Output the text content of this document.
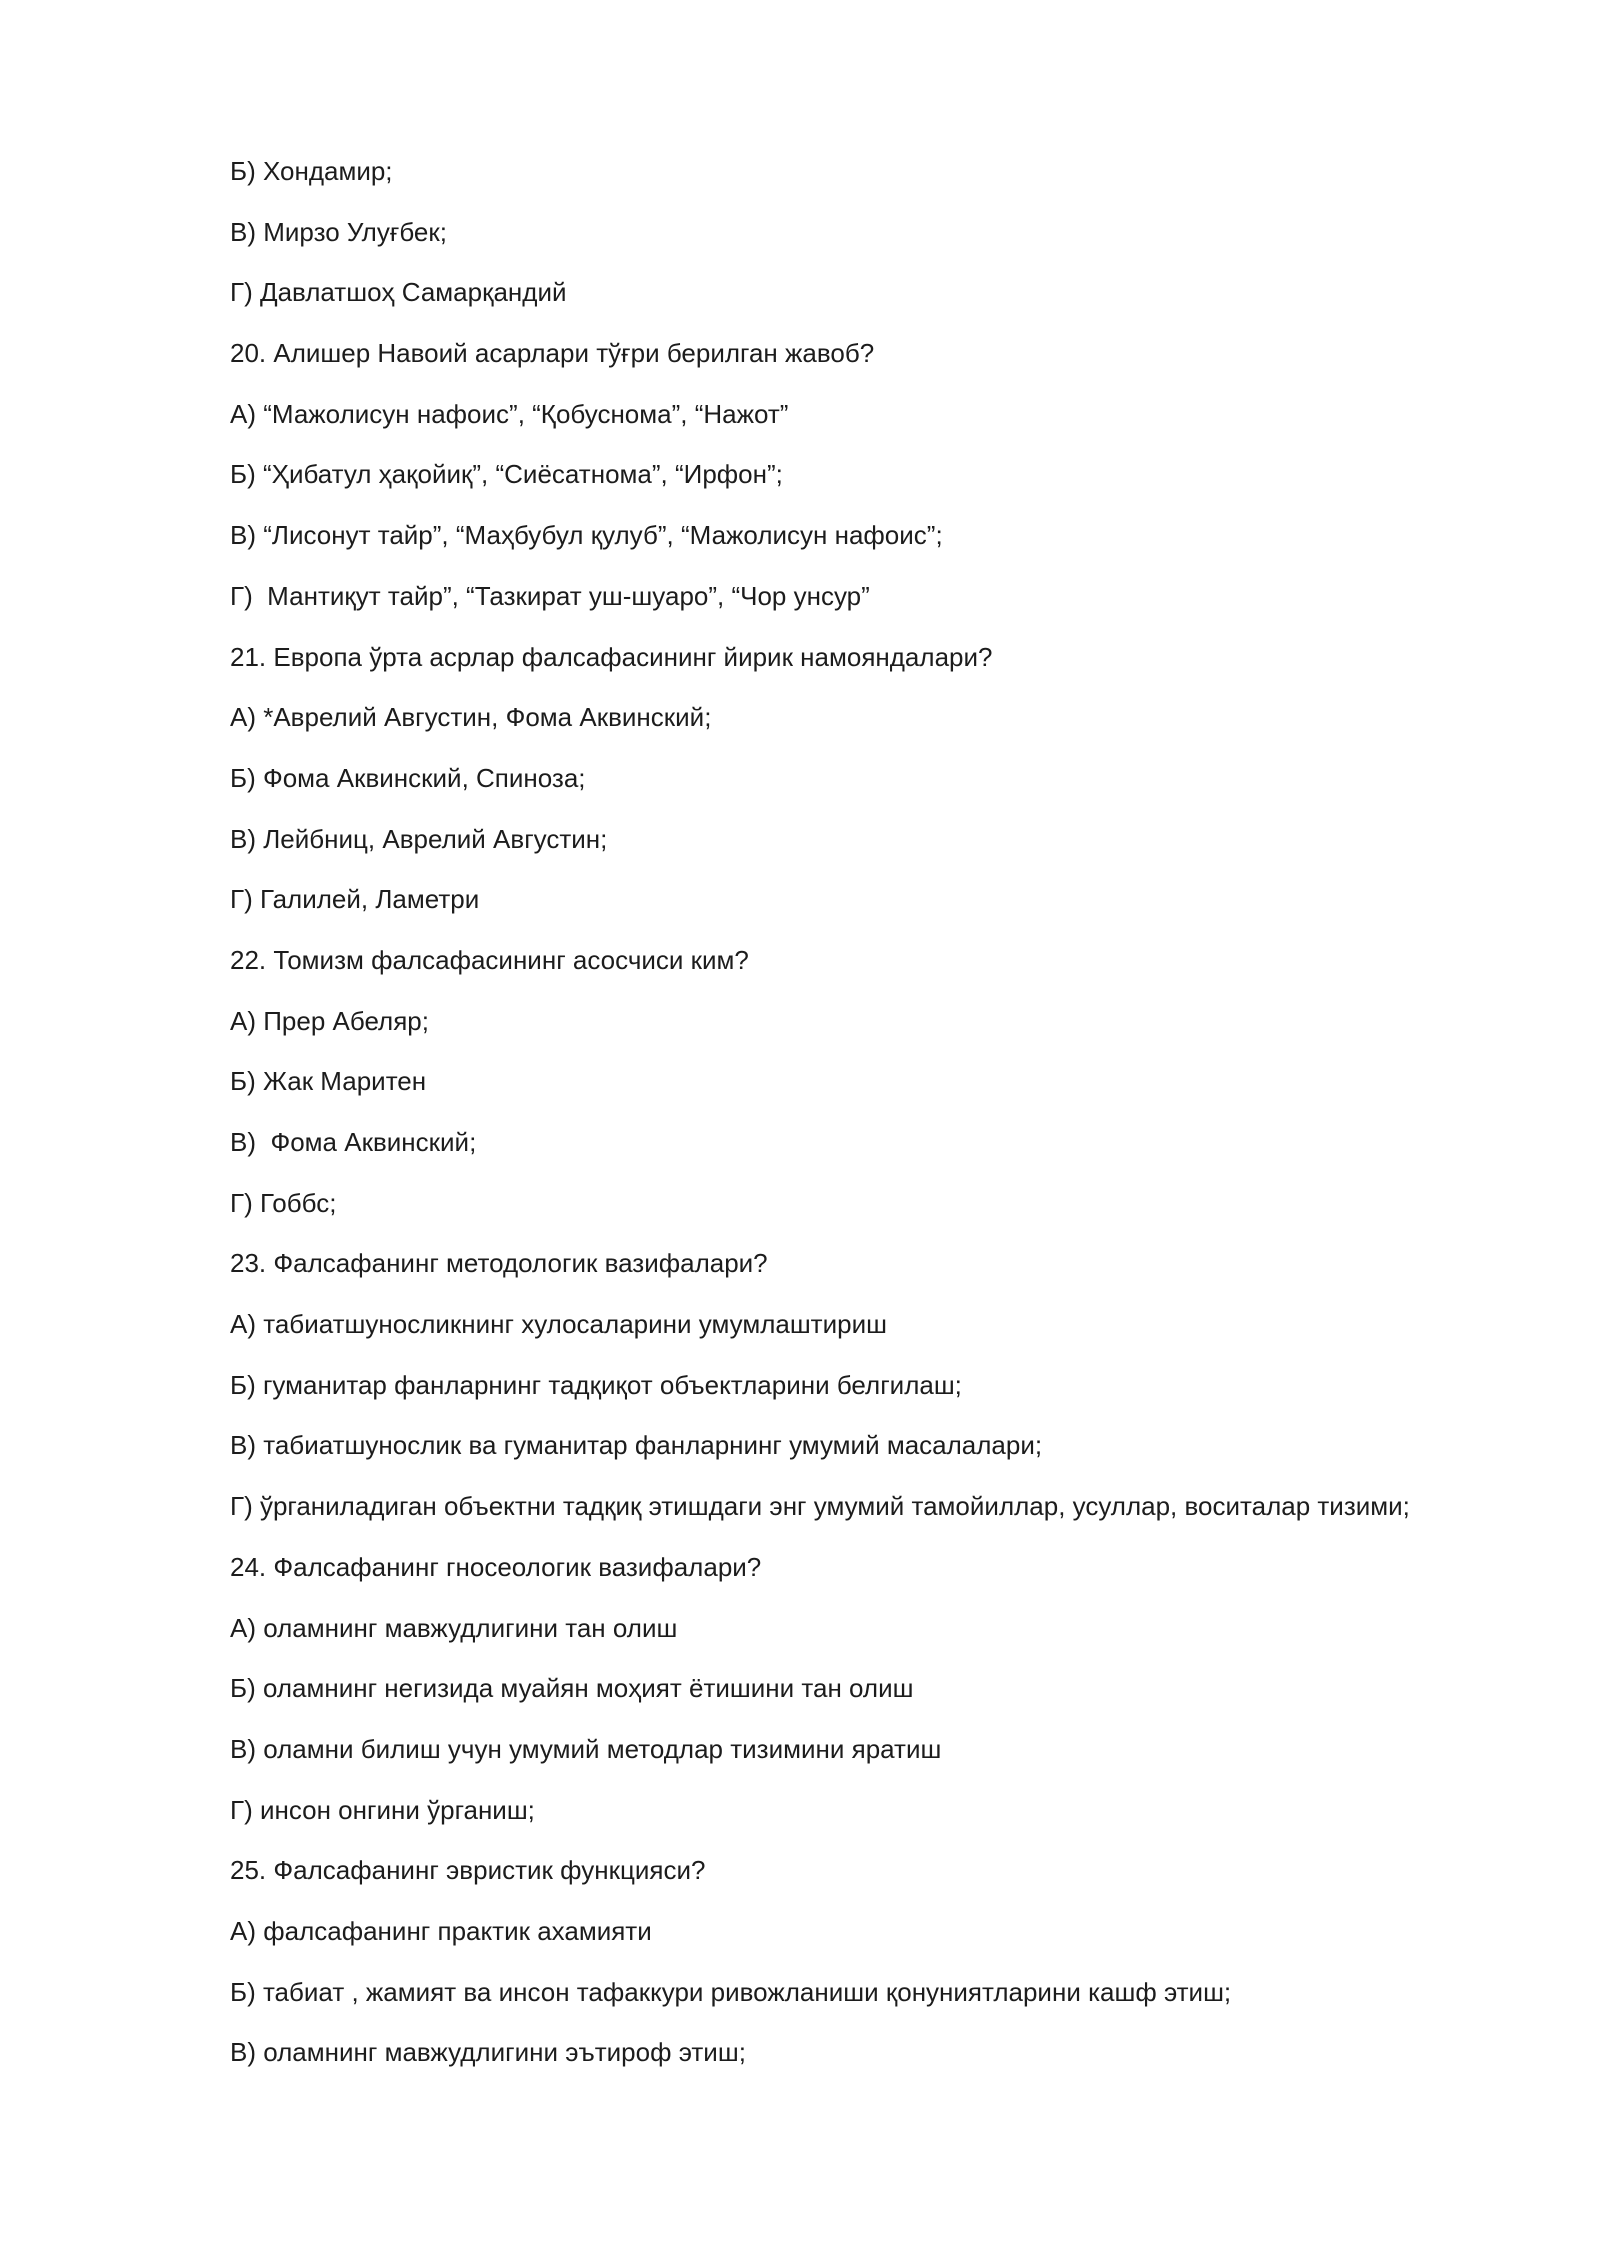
Б) Хондамир;
В) Мирзо Улуғбек;
Г) Давлатшоҳ Самарқандий
20. Алишер Навоий асарлари тўғри берилган жавоб?
А) “Мажолисун нафоис”, “Қобуснома”, “Нажот”
Б) “Ҳибатул ҳақойиқ”, “Сиёсатнома”, “Ирфон”;
В) “Лисонут тайр”, “Маҳбубул қулуб”, “Мажолисун нафоис”;
Г)  Мантиқут тайр”, “Тазкират уш-шуаро”, “Чор унсур”
21. Европа ўрта асрлар фалсафасининг йирик намояндалари?
А) *Аврелий Августин, Фома Аквинский;
Б) Фома Аквинский, Спиноза;
В) Лейбниц, Аврелий Августин;
Г) Галилей, Ламетри
22. Томизм фалсафасининг асосчиси ким?
А) Прер Абеляр;
Б) Жак Маритен
В)  Фома Аквинский;
Г) Гоббс;
23. Фалсафанинг методологик вазифалари?
А) табиатшуносликнинг хулосаларини умумлаштириш
Б) гуманитар фанларнинг тадқиқот объектларини белгилаш;
В) табиатшунослик ва гуманитар фанларнинг умумий масалалари;
Г) ўрганиладиган объектни тадқиқ этишдаги энг умумий тамойиллар, усуллар, воситалар тизими;
24. Фалсафанинг гносеологик вазифалари?
А) оламнинг мавжудлигини тан олиш
Б) оламнинг негизида муайян моҳият ётишини тан олиш
В) оламни билиш учун умумий методлар тизимини яратиш
Г) инсон онгини ўрганиш;
25. Фалсафанинг эвристик функцияси?
А) фалсафанинг практик ахамияти
Б) табиат , жамият ва инсон тафаккури ривожланиши қонуниятларини кашф этиш;
В) оламнинг мавжудлигини эътироф этиш;
